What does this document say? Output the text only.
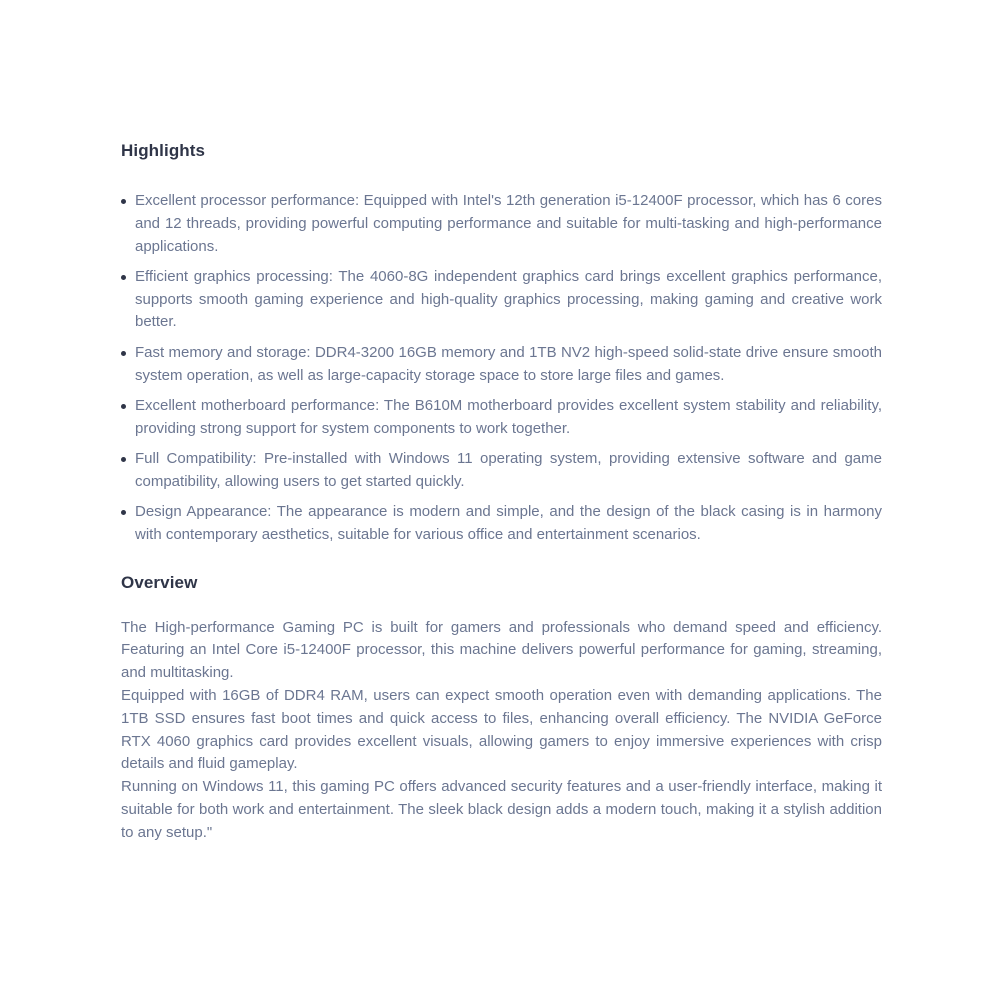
Highlights
Excellent processor performance: Equipped with Intel's 12th generation i5-12400F processor, which has 6 cores and 12 threads, providing powerful computing performance and suitable for multi-tasking and high-performance applications.
Efficient graphics processing: The 4060-8G independent graphics card brings excellent graphics performance, supports smooth gaming experience and high-quality graphics processing, making gaming and creative work better.
Fast memory and storage: DDR4-3200 16GB memory and 1TB NV2 high-speed solid-state drive ensure smooth system operation, as well as large-capacity storage space to store large files and games.
Excellent motherboard performance: The B610M motherboard provides excellent system stability and reliability, providing strong support for system components to work together.
Full Compatibility: Pre-installed with Windows 11 operating system, providing extensive software and game compatibility, allowing users to get started quickly.
Design Appearance: The appearance is modern and simple, and the design of the black casing is in harmony with contemporary aesthetics, suitable for various office and entertainment scenarios.
Overview

The High-performance Gaming PC is built for gamers and professionals who demand speed and efficiency. Featuring an Intel Core i5-12400F processor, this machine delivers powerful performance for gaming, streaming, and multitasking.

Equipped with 16GB of DDR4 RAM, users can expect smooth operation even with demanding applications. The 1TB SSD ensures fast boot times and quick access to files, enhancing overall efficiency. The NVIDIA GeForce RTX 4060 graphics card provides excellent visuals, allowing gamers to enjoy immersive experiences with crisp details and fluid gameplay.

Running on Windows 11, this gaming PC offers advanced security features and a user-friendly interface, making it suitable for both work and entertainment. The sleek black design adds a modern touch, making it a stylish addition to any setup."
